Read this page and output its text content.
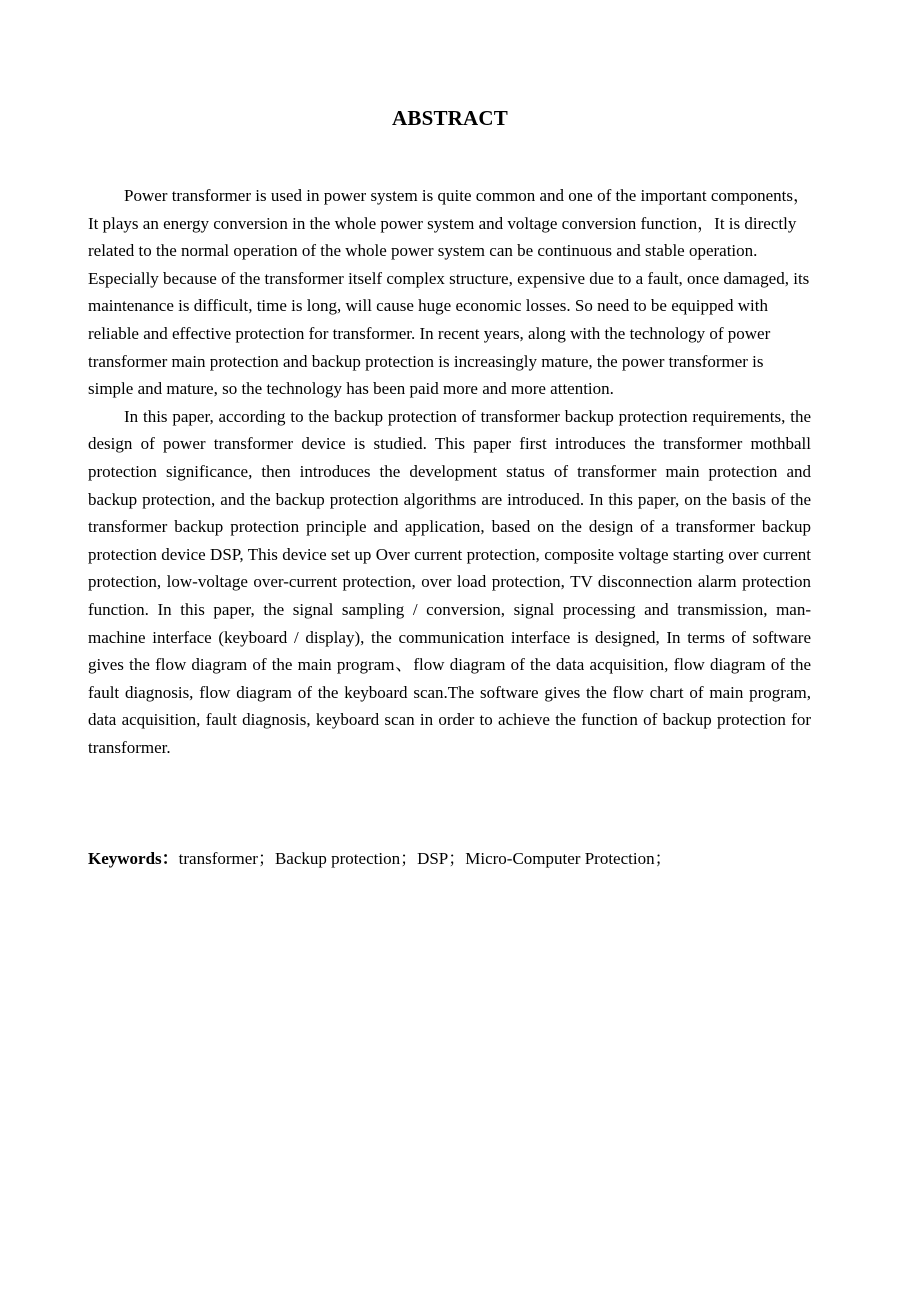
ABSTRACT

Power transformer is used in power system is quite common and one of the important components，It plays an energy conversion in the whole power system and voltage conversion function，It is directly related to the normal operation of the whole power system can be continuous and stable operation. Especially because of the transformer itself complex structure, expensive due to a fault, once damaged, its maintenance is difficult, time is long, will cause huge economic losses. So need to be equipped with reliable and effective protection for transformer. In recent years, along with the technology of power transformer main protection and backup protection is increasingly mature, the power transformer is simple and mature, so the technology has been paid more and more attention.

In this paper, according to the backup protection of transformer backup protection requirements, the design of power transformer device is studied. This paper first introduces the transformer mothball protection significance, then introduces the development status of transformer main protection and backup protection, and the backup protection algorithms are introduced. In this paper, on the basis of the transformer backup protection principle and application, based on the design of a transformer backup protection device DSP, This device set up Over current protection, composite voltage starting over current protection, low-voltage over-current protection, over load protection, TV disconnection alarm protection function. In this paper, the signal sampling / conversion, signal processing and transmission, man-machine interface (keyboard / display), the communication interface is designed, In terms of software gives the flow diagram of the main program、flow diagram of the data acquisition, flow diagram of the fault diagnosis, flow diagram of the keyboard scan.The software gives the flow chart of main program, data acquisition, fault diagnosis, keyboard scan in order to achieve the function of backup protection for transformer.

Keywords：transformer；Backup protection；DSP；Micro-Computer Protection；
